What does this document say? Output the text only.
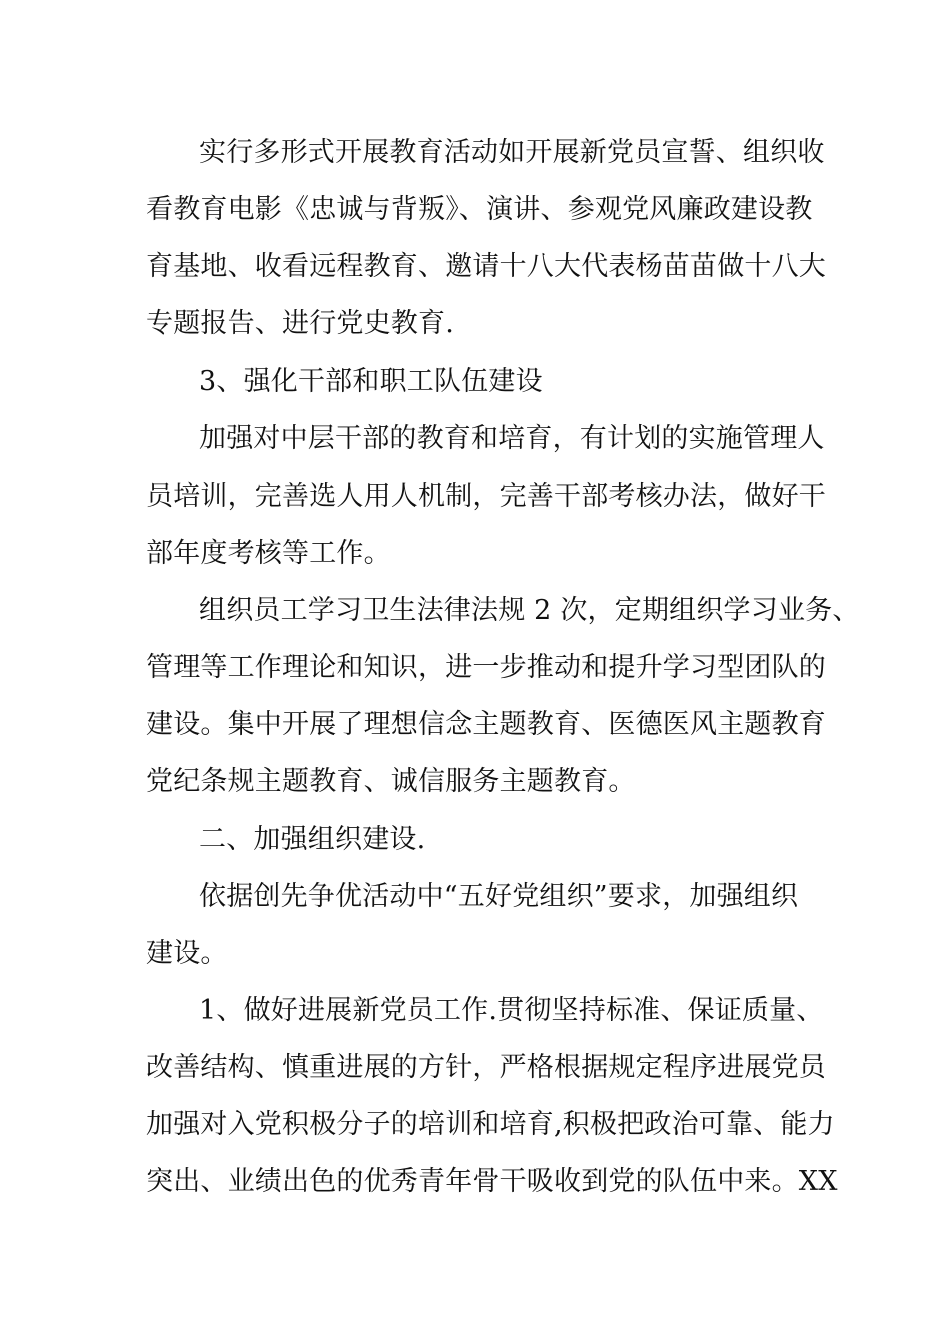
实行多形式开展教育活动如开展新党员宣誓、组织收
看教育电影《忠诚与背叛》、演讲、参观党风廉政建设教
育基地、收看远程教育、邀请十八大代表杨苗苗做十八大
专题报告、进行党史教育.
3、强化干部和职工队伍建设
加强对中层干部的教育和培育，有计划的实施管理人
员培训，完善选人用人机制，完善干部考核办法，做好干
部年度考核等工作。
组织员工学习卫生法律法规 2 次，定期组织学习业务、
管理等工作理论和知识，进一步推动和提升学习型团队的
建设。集中开展了理想信念主题教育、医德医风主题教育
党纪条规主题教育、诚信服务主题教育。
二、加强组织建设.
依据创先争优活动中“五好党组织”要求，加强组织
建设。
1、做好进展新党员工作.贯彻坚持标准、保证质量、
改善结构、慎重进展的方针，严格根据规定程序进展党员
加强对入党积极分子的培训和培育,积极把政治可靠、能力
突出、业绩出色的优秀青年骨干吸收到党的队伍中来。XX
